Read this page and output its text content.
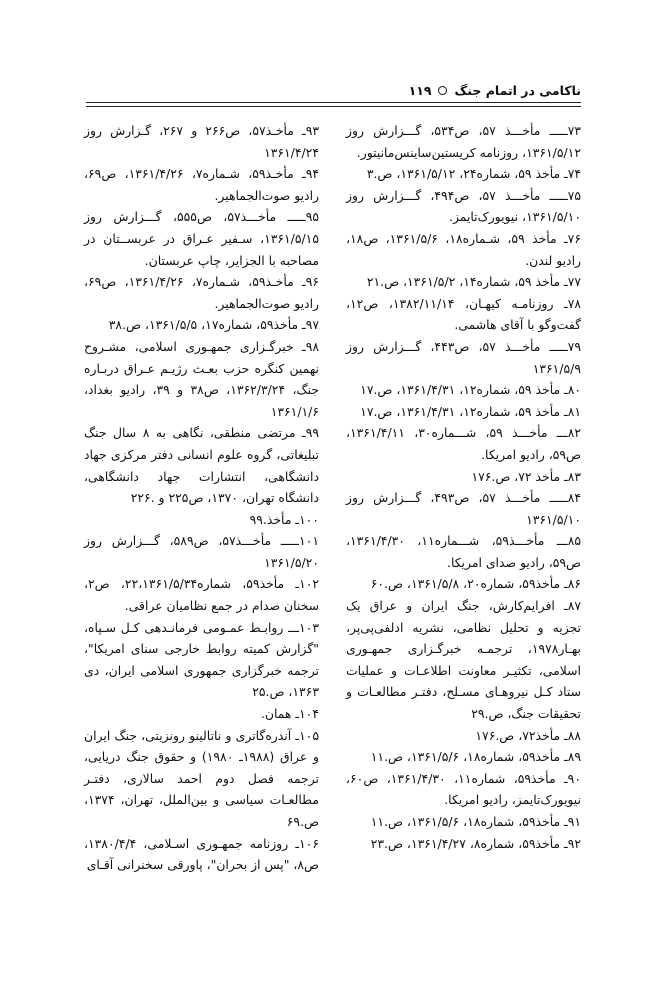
ناکامی در اتمام جنگ
۱۱۹

۷۳ـــــ مأخـــذ ۵۷، ص۵۳۴، گـــزارش روز ۱۳۶۱/۵/۱۲، روزنامه کریستین‌ساینس‌مانیتور.

۷۴ـ مأخذ ۵۹، شماره۲۴، ۱۳۶۱/۵/۱۲، ص.۳

۷۵ـــــ مأخـــذ ۵۷، ص۴۹۴، گـــزارش روز ۱۳۶۱/۵/۱۰، نیویورک‌تایمز.

۷۶ـ مأخذ ۵۹، شـماره۱۸، ۱۳۶۱/۵/۶، ص۱۸، رادیو لندن.

۷۷ـ مأخذ ۵۹، شماره۱۴، ۱۳۶۱/۵/۲، ص.۲۱

۷۸ـ روزنامـه کیهـان، ۱۳۸۲/۱۱/۱۴، ص۱۲، گفت‌وگو با آقای هاشمی.

۷۹ـــــ مأخـــذ ۵۷، ص۴۴۳، گـــزارش روز ۱۳۶۱/۵/۹

۸۰ـ مأخذ ۵۹، شماره۱۲، ۱۳۶۱/۴/۳۱، ص.۱۷

۸۱ـ مأخذ ۵۹، شماره۱۲، ۱۳۶۱/۴/۳۱، ص.۱۷

۸۲ـــ مأخـــذ ۵۹، شـــماره۳۰، ۱۳۶۱/۴/۱۱، ص۵۹، رادیو امریکا.

۸۳ـ مأخذ ۷۲، ص.۱۷۶

۸۴ـــــ مأخـــذ ۵۷، ص۴۹۳، گـــزارش روز ۱۳۶۱/۵/۱۰

۸۵ـــ مأخـــذ۵۹، شـــماره۱۱، ۱۳۶۱/۴/۳۰، ص۵۹، رادیو صدای امریکا.

۸۶ـ مأخذ۵۹، شماره۲۰، ۱۳۶۱/۵/۸، ص.۶۰

۸۷ـ افرایم‌کارش، جنگ ایران و عراق یک تجزیه و تحلیل نظامی، نشریه ادلفی‌پی‌پر، بهـار۱۹۷۸، ترجمـه خبرگـزاری جمهـوری اسلامی، تکثیـر معاونت اطلاعـات و عملیات ستاد کـل نیروهـای مسـلح، دفتـر مطالعـات و تحقیقات جنگ، ص.۲۹

۸۸ـ مأخذ۷۲، ص.۱۷۶

۸۹ـ مأخذ۵۹، شماره۱۸، ۱۳۶۱/۵/۶، ص.۱۱

۹۰ـ مأخذ۵۹، شماره۱۱، ۱۳۶۱/۴/۳۰، ص۶۰، نیویورک‌تایمز، رادیو امریکا.

۹۱ـ مأخذ۵۹، شماره۱۸، ۱۳۶۱/۵/۶، ص.۱۱

۹۲ـ مأخذ۵۹، شماره۸، ۱۳۶۱/۴/۲۷، ص.۲۳

۹۳ـ مأخـذ۵۷، ص۲۶۶ و ۲۶۷، گـزارش روز ۱۳۶۱/۴/۲۴

۹۴ـ مأخـذ۵۹، شـماره۷، ۱۳۶۱/۴/۲۶، ص۶۹، رادیو صوت‌الجماهیر.

۹۵ـــــ مأخـــذ۵۷، ص۵۵۵، گـــزارش روز ۱۳۶۱/۵/۱۵، سـفیر عـراق در عربســتان در مصاحبه با الجزایر، چاپ عربستان.

۹۶ـ مأخـذ۵۹، شـماره۷، ۱۳۶۱/۴/۲۶، ص۶۹، رادیو صوت‌الجماهیر.

۹۷ـ مأخذ۵۹، شماره۱۷، ۱۳۶۱/۵/۵، ص.۳۸

۹۸ـ خبرگـزاری جمهـوری اسلامی، مشـروح نهمین کنگره حزب بعـث رژیـم عـراق دربـاره جنگ، ۱۳۶۲/۳/۲۴، ص۳۸ و ۳۹، رادیو بغداد، ۱۳۶۱/۱/۶

۹۹ـ مرتضی منطقی، نگاهی به ۸ سال جنگ تبلیغاتی، گروه علوم انسانی دفتر مرکزی جهاد دانشگاهی، انتشارات جهاد دانشگاهی، دانشگاه تهران، ۱۳۷۰، ص۲۲۵ و .۲۲۶

۱۰۰ـ مأخذ.۹۹

۱۰۱ـــــ مأخـــذ۵۷، ص۵۸۹، گـــزارش روز ۱۳۶۱/۵/۲۰

۱۰۲ـ مأخذ۵۹، شماره۲۲،۱۳۶۱/۵/۳۴، ص۲، سخنان صدام در جمع نظامیان عراقی.

۱۰۳ـــ روابـط عمـومی فرمانـدهی کـل سـپاه، "گزارش کمیته روابط خارجی سنای امریکا"، ترجمه خبرگزاری جمهوری اسلامی ایران، دی ۱۳۶۳، ص.۲۵

۱۰۴ـ همان.

۱۰۵ـ آندره‌گاتری و ناتالینو رونزیتی، جنگ ایران و عراق (۱۹۸۸ـ ۱۹۸۰) و حقوق جنگ دریایی، ترجمه فصل دوم احمد سالاری، دفتـر مطالعـات سیاسی و بین‌الملل، تهران، ۱۳۷۴، ص.۶۹

۱۰۶ـ روزنامه جمهـوری اسـلامی، ۱۳۸۰/۴/۴، ص۸، "پس از بحران"، پاورقی سخنرانی آقـای
